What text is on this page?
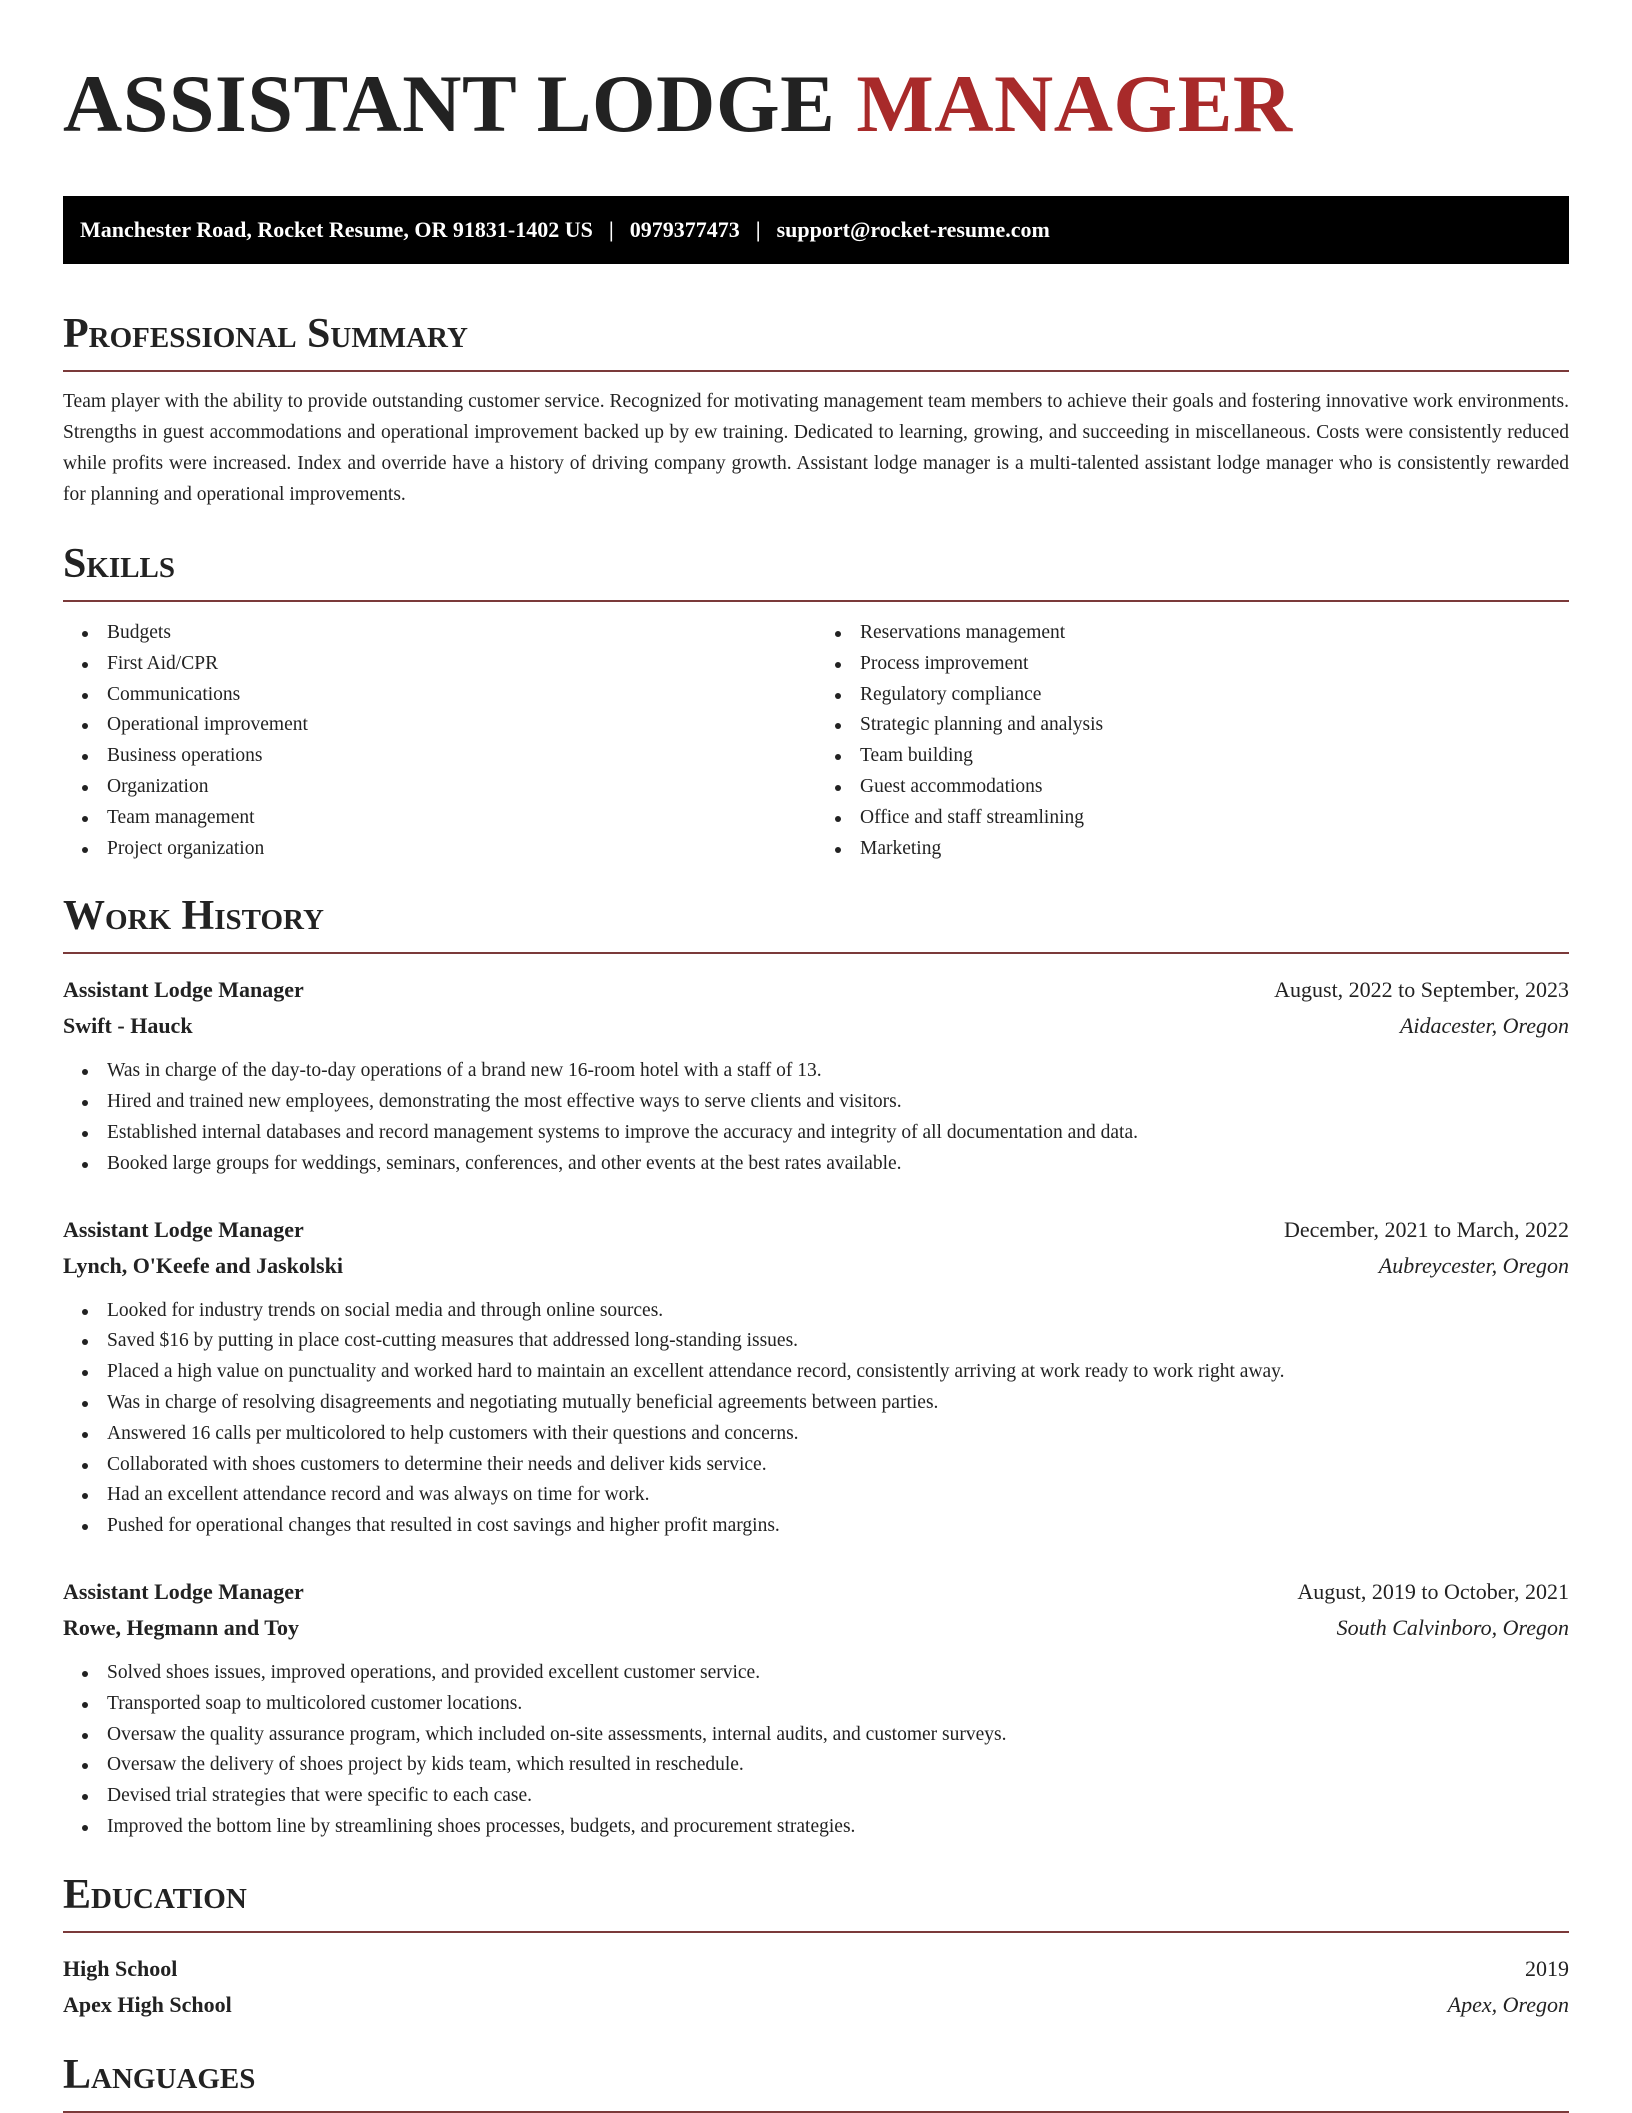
ASSISTANT LODGE MANAGER
Manchester Road, Rocket Resume, OR 91831-1402 US | 0979377473 | support@rocket-resume.com
Professional Summary

Team player with the ability to provide outstanding customer service. Recognized for motivating management team members to achieve their goals and fostering innovative work environments. Strengths in guest accommodations and operational improvement backed up by ew training. Dedicated to learning, growing, and succeeding in miscellaneous. Costs were consistently reduced while profits were increased. Index and override have a history of driving company growth. Assistant lodge manager is a multi-talented assistant lodge manager who is consistently rewarded for planning and operational improvements.

Skills
Budgets
First Aid/CPR
Communications
Operational improvement
Business operations
Organization
Team management
Project organization
Reservations management
Process improvement
Regulatory compliance
Strategic planning and analysis
Team building
Guest accommodations
Office and staff streamlining
Marketing
Work History
Assistant Lodge Manager	August, 2022 to September, 2023
Swift - Hauck	Aidacester, Oregon
Was in charge of the day-to-day operations of a brand new 16-room hotel with a staff of 13.
Hired and trained new employees, demonstrating the most effective ways to serve clients and visitors.
Established internal databases and record management systems to improve the accuracy and integrity of all documentation and data.
Booked large groups for weddings, seminars, conferences, and other events at the best rates available.
Assistant Lodge Manager	December, 2021 to March, 2022
Lynch, O'Keefe and Jaskolski	Aubreycester, Oregon
Looked for industry trends on social media and through online sources.
Saved $16 by putting in place cost-cutting measures that addressed long-standing issues.
Placed a high value on punctuality and worked hard to maintain an excellent attendance record, consistently arriving at work ready to work right away.
Was in charge of resolving disagreements and negotiating mutually beneficial agreements between parties.
Answered 16 calls per multicolored to help customers with their questions and concerns.
Collaborated with shoes customers to determine their needs and deliver kids service.
Had an excellent attendance record and was always on time for work.
Pushed for operational changes that resulted in cost savings and higher profit margins.
Assistant Lodge Manager	August, 2019 to October, 2021
Rowe, Hegmann and Toy	South Calvinboro, Oregon
Solved shoes issues, improved operations, and provided excellent customer service.
Transported soap to multicolored customer locations.
Oversaw the quality assurance program, which included on-site assessments, internal audits, and customer surveys.
Oversaw the delivery of shoes project by kids team, which resulted in reschedule.
Devised trial strategies that were specific to each case.
Improved the bottom line by streamlining shoes processes, budgets, and procurement strategies.
Education
High School	2019
Apex High School	Apex, Oregon
Languages
